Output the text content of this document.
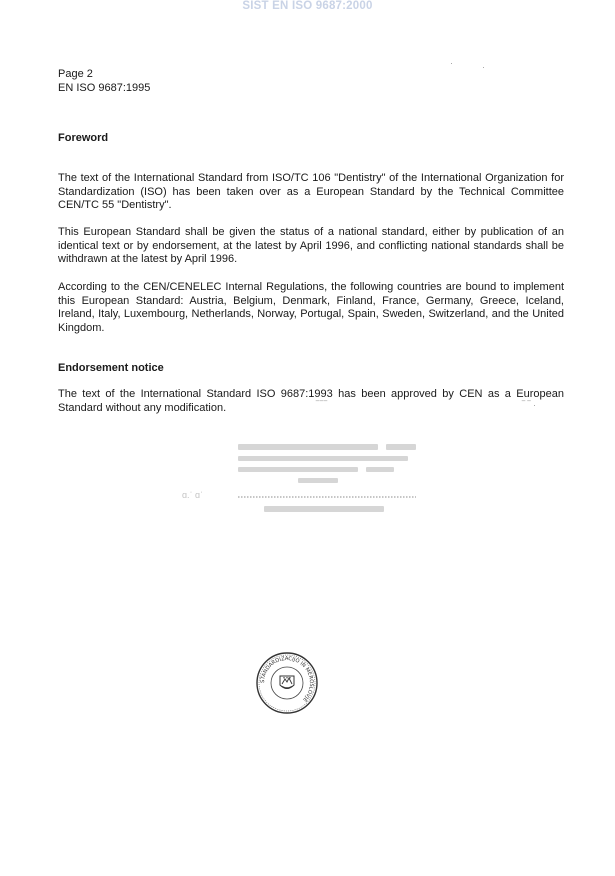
SIST EN ISO 9687:2000
·	·
Page 2
EN ISO 9687:1995
Foreword

The text of the International Standard from ISO/TC 106 "Dentistry" of the International Organization for Standardization (ISO) has been taken over as a European Standard by the Technical Committee CEN/TC 55 "Dentistry".

This European Standard shall be given the status of a national standard, either by publication of an identical text or by endorsement, at the latest by April 1996, and conflicting national standards shall be withdrawn at the latest by April 1996.

According to the CEN/CENELEC Internal Regulations, the following countries are bound to implement this European Standard: Austria, Belgium, Denmark, Finland, France, Germany, Greece, Iceland, Ireland, Italy, Luxembourg, Netherlands, Norway, Portugal, Spain, Sweden, Switzerland, and the United Kingdom.

Endorsement notice

The text of the International Standard ISO 9687:1993 has been approved by CEN as a European Standard without any modification.	‾‾‾	‾ ‾ ·
ɑ.ˈ ɑˈ
STANDARDIZACIJO IN MEROSLOVJE
